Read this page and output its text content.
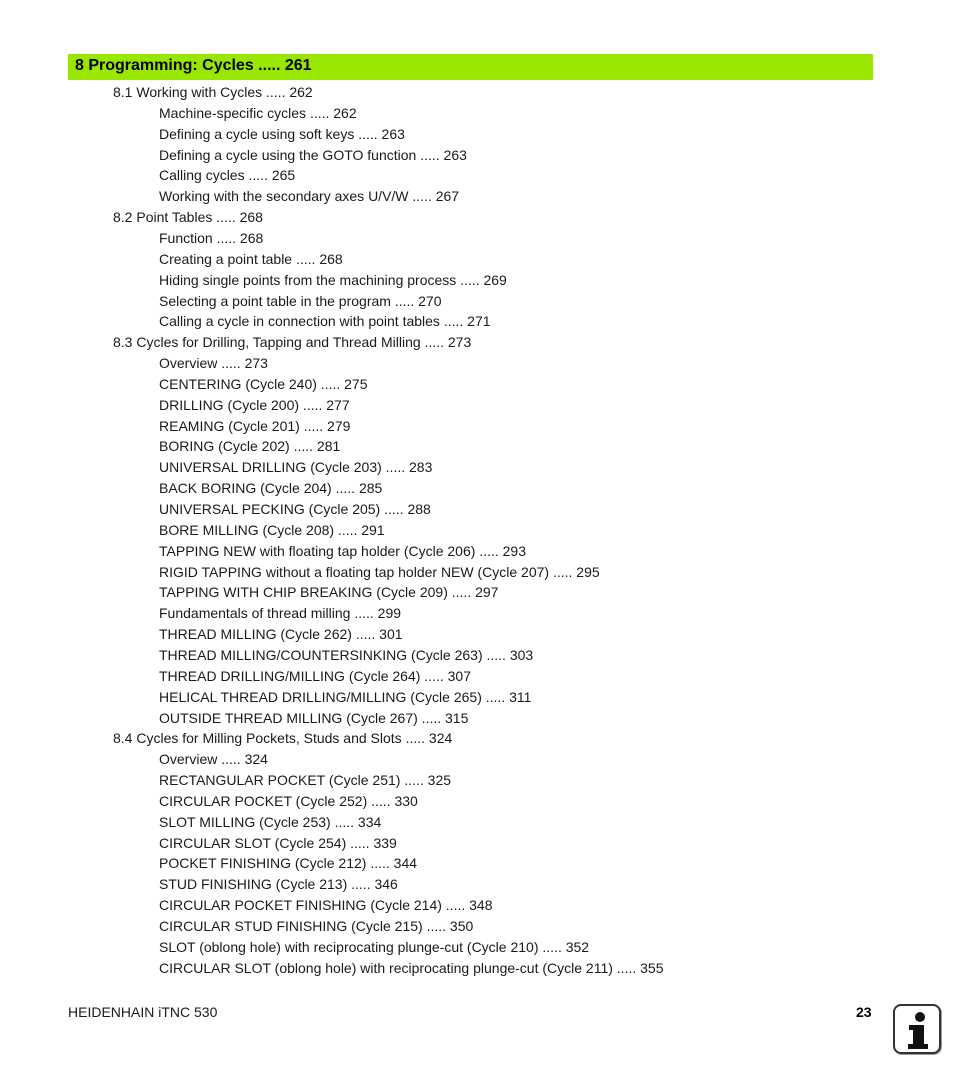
8 Programming: Cycles ..... 261
8.1 Working with Cycles ..... 262
Machine-specific cycles ..... 262
Defining a cycle using soft keys ..... 263
Defining a cycle using the GOTO function ..... 263
Calling cycles ..... 265
Working with the secondary axes U/V/W ..... 267
8.2 Point Tables ..... 268
Function ..... 268
Creating a point table ..... 268
Hiding single points from the machining process ..... 269
Selecting a point table in the program ..... 270
Calling a cycle in connection with point tables ..... 271
8.3 Cycles for Drilling, Tapping and Thread Milling ..... 273
Overview ..... 273
CENTERING (Cycle 240) ..... 275
DRILLING (Cycle 200) ..... 277
REAMING (Cycle 201) ..... 279
BORING (Cycle 202) ..... 281
UNIVERSAL DRILLING (Cycle 203) ..... 283
BACK BORING (Cycle 204) ..... 285
UNIVERSAL PECKING (Cycle 205) ..... 288
BORE MILLING (Cycle 208) ..... 291
TAPPING NEW with floating tap holder (Cycle 206) ..... 293
RIGID TAPPING without a floating tap holder NEW (Cycle 207) ..... 295
TAPPING WITH CHIP BREAKING (Cycle 209) ..... 297
Fundamentals of thread milling ..... 299
THREAD MILLING (Cycle 262) ..... 301
THREAD MILLING/COUNTERSINKING (Cycle 263) ..... 303
THREAD DRILLING/MILLING (Cycle 264) ..... 307
HELICAL THREAD DRILLING/MILLING (Cycle 265) ..... 311
OUTSIDE THREAD MILLING (Cycle 267) ..... 315
8.4 Cycles for Milling Pockets, Studs and Slots ..... 324
Overview ..... 324
RECTANGULAR POCKET (Cycle 251) ..... 325
CIRCULAR POCKET (Cycle 252) ..... 330
SLOT MILLING (Cycle 253) ..... 334
CIRCULAR SLOT (Cycle 254) ..... 339
POCKET FINISHING (Cycle 212) ..... 344
STUD FINISHING (Cycle 213) ..... 346
CIRCULAR POCKET FINISHING (Cycle 214) ..... 348
CIRCULAR STUD FINISHING (Cycle 215) ..... 350
SLOT (oblong hole) with reciprocating plunge-cut (Cycle 210) ..... 352
CIRCULAR SLOT (oblong hole) with reciprocating plunge-cut (Cycle 211) ..... 355
HEIDENHAIN iTNC 530	23
